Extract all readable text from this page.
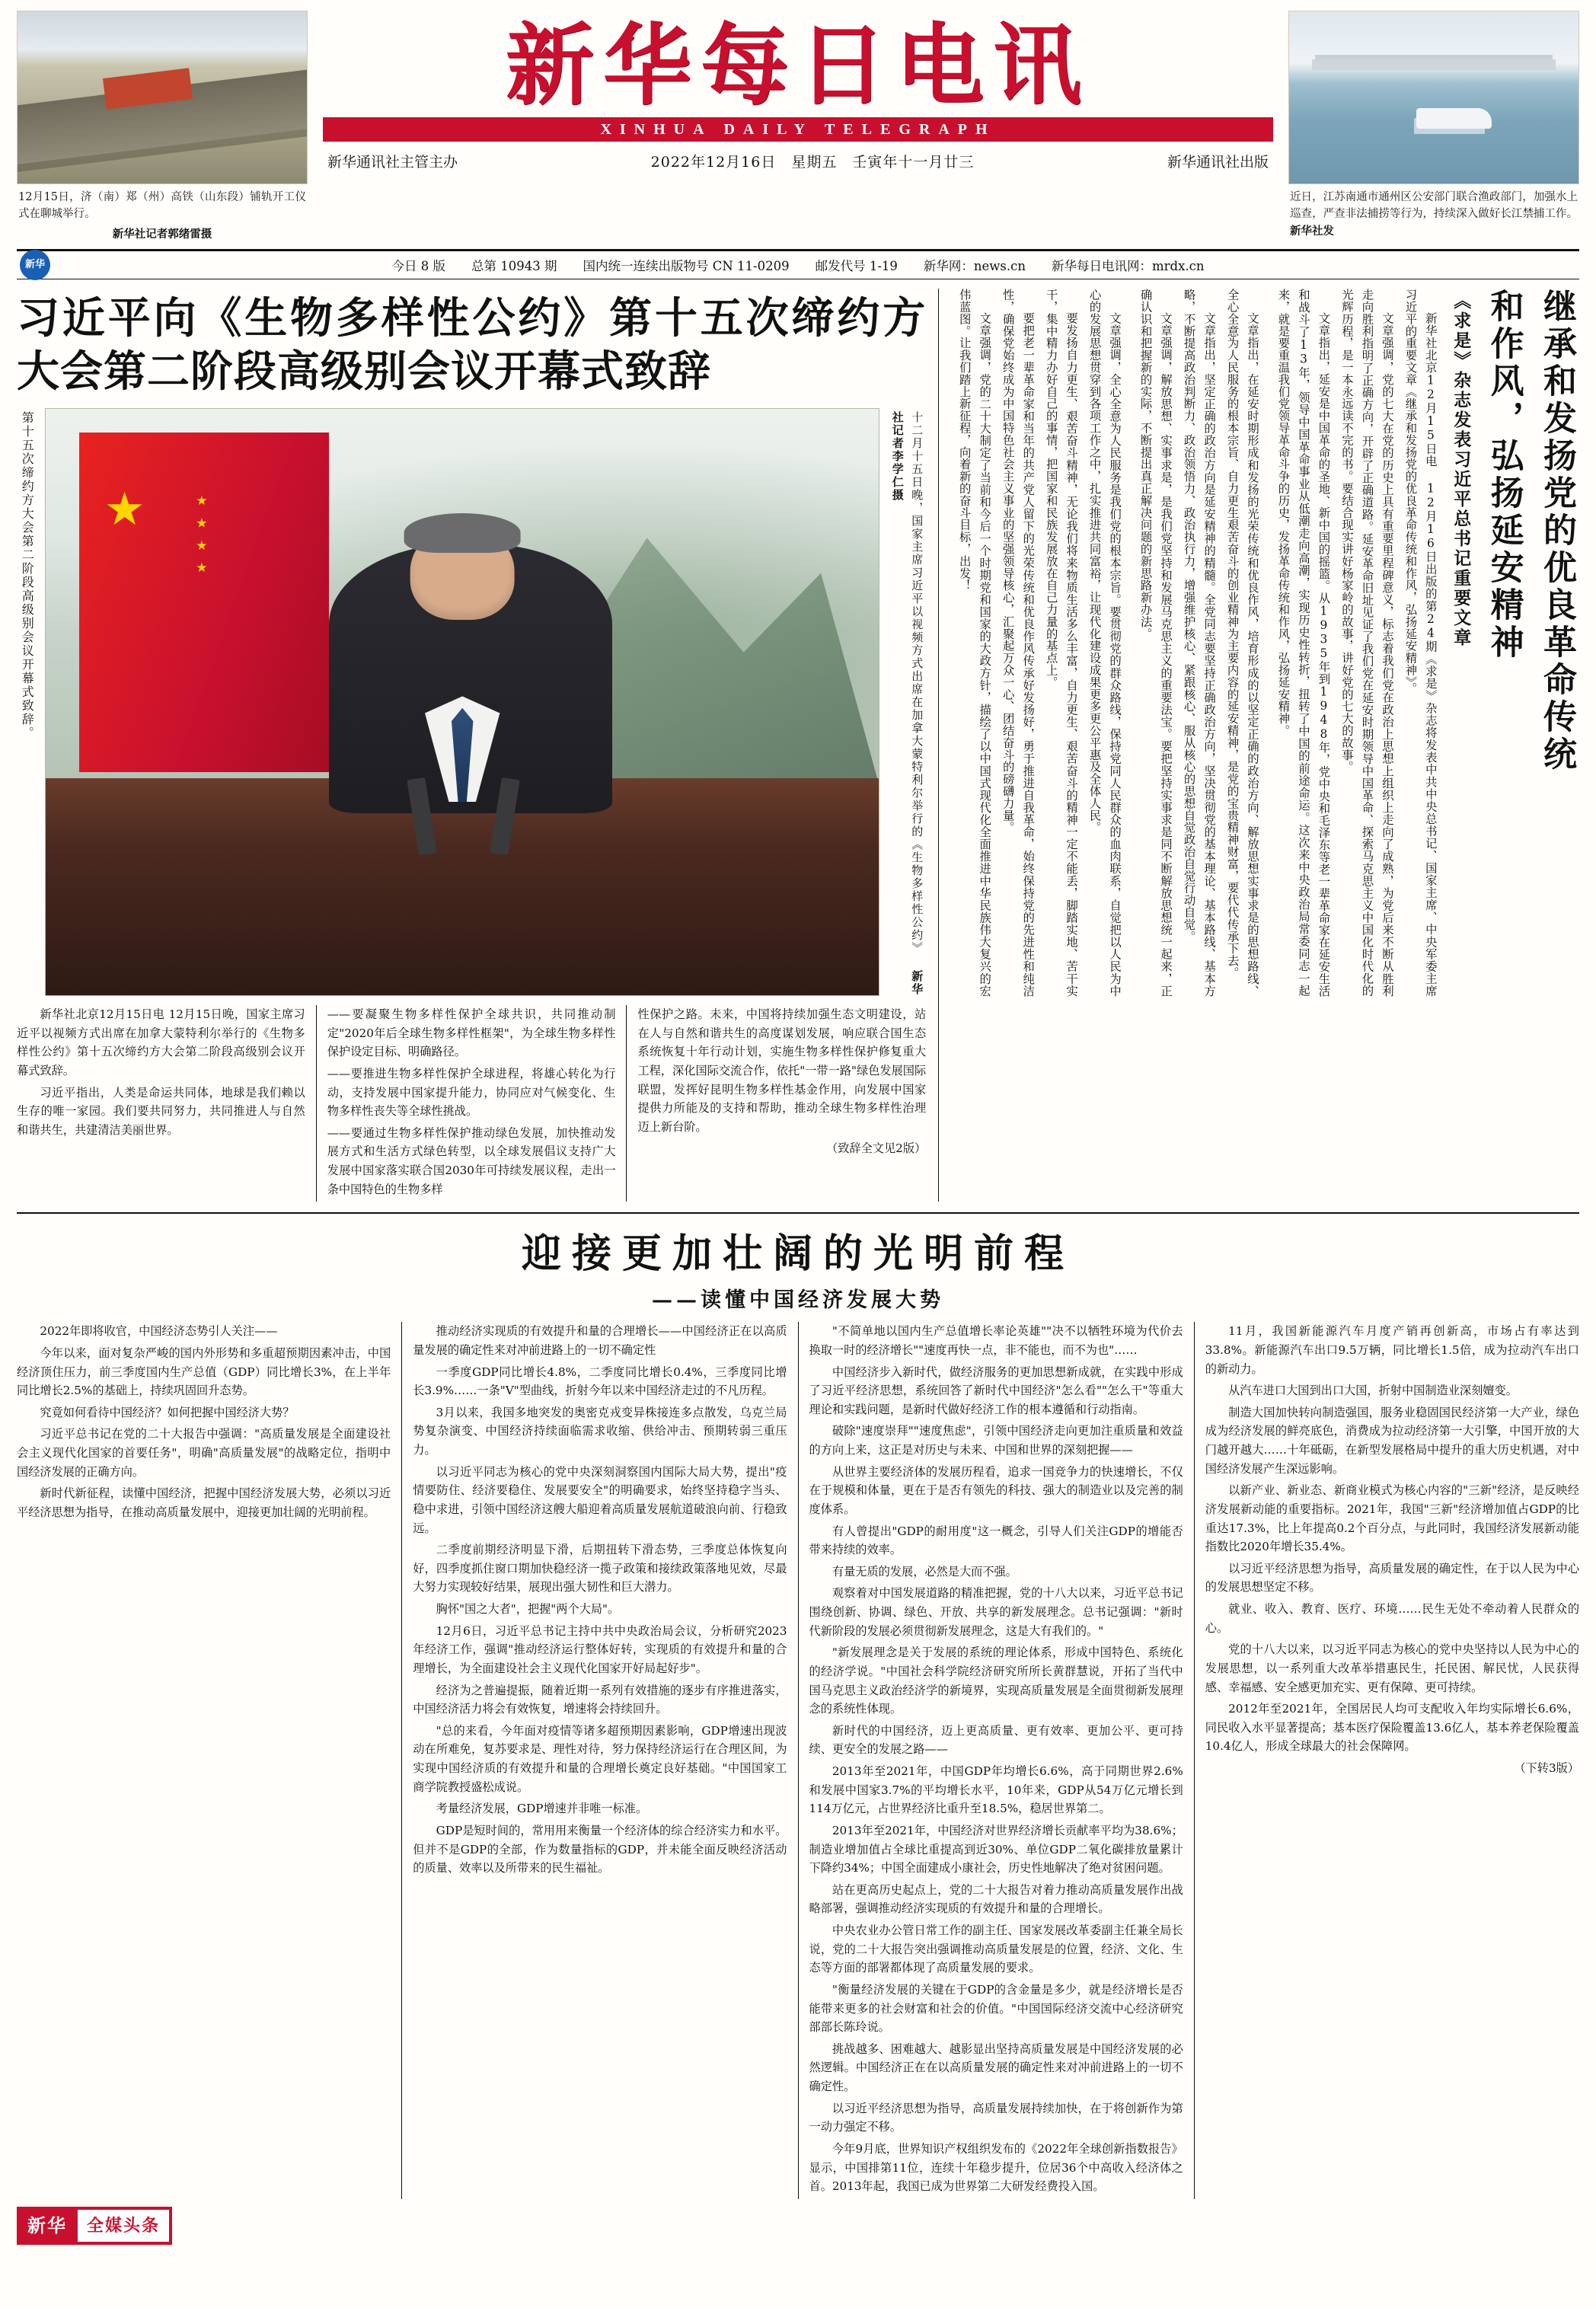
12月15日，济（南）郑（州）高铁（山东段）铺轨开工仪式在聊城举行。
新华社记者郭绪雷摄
新华每日电讯
XINHUA DAILY TELEGRAPH
新华通讯社主管主办	2022年12月16日　星期五　壬寅年十一月廿三	新华通讯社出版
近日，江苏南通市通州区公安部门联合渔政部门，加强水上巡查，严查非法捕捞等行为，持续深入做好长江禁捕工作。 新华社发
新华	今日 8 版 总第 10943 期 国内统一连续出版物号 CN 11-0209 邮发代号 1-19 新华网：news.cn 新华每日电讯网：mrdx.cn
习近平向《生物多样性公约》第十五次缔约方大会第二阶段高级别会议开幕式致辞
第十五次缔约方大会第二阶段高级别会议开幕式致辞。 ★ ★ ★ ★ ★	十二月十五日晚，国家主席习近平以视频方式出席在加拿大蒙特利尔举行的《生物多样性公约》 新华社记者李学仁摄

新华社北京12月15日电 12月15日晚，国家主席习近平以视频方式出席在加拿大蒙特利尔举行的《生物多样性公约》第十五次缔约方大会第二阶段高级别会议开幕式致辞。

习近平指出，人类是命运共同体，地球是我们赖以生存的唯一家园。我们要共同努力，共同推进人与自然和谐共生，共建清洁美丽世界。

——要凝聚生物多样性保护全球共识，共同推动制定"2020年后全球生物多样性框架"，为全球生物多样性保护设定目标、明确路径。

——要推进生物多样性保护全球进程，将雄心转化为行动，支持发展中国家提升能力，协同应对气候变化、生物多样性丧失等全球性挑战。

——要通过生物多样性保护推动绿色发展，加快推动发展方式和生活方式绿色转型，以全球发展倡议支持广大发展中国家落实联合国2030年可持续发展议程，走出一条中国特色的生物多样

性保护之路。未来，中国将持续加强生态文明建设，站在人与自然和谐共生的高度谋划发展，响应联合国生态系统恢复十年行动计划，实施生物多样性保护修复重大工程，深化国际交流合作，依托"一带一路"绿色发展国际联盟，发挥好昆明生物多样性基金作用，向发展中国家提供力所能及的支持和帮助，推动全球生物多样性治理迈上新台阶。

（致辞全文见2版）

继承和发扬党的优良革命传统
和作风，弘扬延安精神
《求是》杂志发表习近平总书记重要文章

新华社北京12月15日电 12月16日出版的第24期《求是》杂志将发表中共中央总书记、国家主席、中央军委主席习近平的重要文章《继承和发扬党的优良革命传统和作风，弘扬延安精神》。

文章强调，党的七大在党的历史上具有重要里程碑意义，标志着我们党在政治上思想上组织上走向了成熟，为党后来不断从胜利走向胜利指明了正确方向，开辟了正确道路。延安革命旧址见证了我们党在延安时期领导中国革命、探索马克思主义中国化时代化的光辉历程，是一本永远读不完的书。要结合现实讲好杨家岭的故事，讲好党的七大的故事。

文章指出，延安是中国革命的圣地、新中国的摇篮。从1935年到1948年，党中央和毛泽东等老一辈革命家在延安生活和战斗了13年，领导中国革命事业从低潮走向高潮，实现历史性转折，扭转了中国的前途命运。这次来中央政治局常委同志一起来，就是要重温我们党领导革命斗争的历史，发扬革命传统和作风，弘扬延安精神。

文章指出，在延安时期形成和发扬的光荣传统和优良作风，培育形成的以坚定正确的政治方向、解放思想实事求是的思想路线、全心全意为人民服务的根本宗旨、自力更生艰苦奋斗的创业精神为主要内容的延安精神，是党的宝贵精神财富，要代代传承下去。

文章指出，坚定正确的政治方向是延安精神的精髓。全党同志要坚持正确政治方向，坚决贯彻党的基本理论、基本路线、基本方略，不断提高政治判断力、政治领悟力、政治执行力，增强维护核心、紧跟核心、服从核心的思想自觉政治自觉行动自觉。

文章强调，解放思想、实事求是，是我们党坚持和发展马克思主义的重要法宝。要把坚持实事求是同不断解放思想统一起来，正确认识和把握新的实际，不断提出真正解决问题的新思路新办法。

文章强调，全心全意为人民服务是我们党的根本宗旨。要贯彻党的群众路线，保持党同人民群众的血肉联系，自觉把以人民为中心的发展思想贯穿到各项工作之中，扎实推进共同富裕，让现代化建设成果更多更公平惠及全体人民。

要发扬自力更生、艰苦奋斗精神，无论我们将来物质生活多么丰富，自力更生、艰苦奋斗的精神一定不能丢，脚踏实地、苦干实干，集中精力办好自己的事情，把国家和民族发展放在自己力量的基点上。

要把老一辈革命家和当年的共产党人留下的光荣传统和优良作风传承好发扬好，勇于推进自我革命，始终保持党的先进性和纯洁性，确保党始终成为中国特色社会主义事业的坚强领导核心，汇聚起万众一心、团结奋斗的磅礴力量。

文章强调，党的二十大制定了当前和今后一个时期党和国家的大政方针，描绘了以中国式现代化全面推进中华民族伟大复兴的宏伟蓝图。让我们踏上新征程，向着新的奋斗目标，出发！

迎接更加壮阔的光明前程
——读懂中国经济发展大势

2022年即将收官，中国经济态势引人关注——

今年以来，面对复杂严峻的国内外形势和多重超预期因素冲击，中国经济顶住压力，前三季度国内生产总值（GDP）同比增长3%，在上半年同比增长2.5%的基础上，持续巩固回升态势。

究竟如何看待中国经济？如何把握中国经济大势？

习近平总书记在党的二十大报告中强调："高质量发展是全面建设社会主义现代化国家的首要任务"，明确"高质量发展"的战略定位，指明中国经济发展的正确方向。

新时代新征程，读懂中国经济，把握中国经济发展大势，必须以习近平经济思想为指导，在推动高质量发展中，迎接更加壮阔的光明前程。

推动经济实现质的有效提升和量的合理增长——中国经济正在以高质量发展的确定性来对冲前进路上的一切不确定性

一季度GDP同比增长4.8%，二季度同比增长0.4%，三季度同比增长3.9%……一条"V"型曲线，折射今年以来中国经济走过的不凡历程。

3月以来，我国多地突发的奥密克戎变异株接连多点散发，乌克兰局势复杂演变、中国经济持续面临需求收缩、供给冲击、预期转弱三重压力。

以习近平同志为核心的党中央深刻洞察国内国际大局大势，提出"疫情要防住、经济要稳住、发展要安全"的明确要求，始终坚持稳字当头、稳中求进，引领中国经济这艘大船迎着高质量发展航道破浪向前、行稳致远。

二季度前期经济明显下滑，后期扭转下滑态势，三季度总体恢复向好，四季度抓住窗口期加快稳经济一揽子政策和接续政策落地见效，尽最大努力实现较好结果，展现出强大韧性和巨大潜力。

胸怀"国之大者"，把握"两个大局"。

12月6日，习近平总书记主持中共中央政治局会议，分析研究2023年经济工作，强调"推动经济运行整体好转，实现质的有效提升和量的合理增长，为全面建设社会主义现代化国家开好局起好步"。

经济为之普遍提振，随着近期一系列有效措施的逐步有序推进落实，中国经济活力将会有效恢复，增速将会持续回升。

"总的来看，今年面对疫情等诸多超预期因素影响，GDP增速出现波动在所难免，复苏要求是、理性对待，努力保持经济运行在合理区间，为实现中国经济质的有效提升和量的合理增长奠定良好基础。"中国国家工商学院教授盛松成说。

考量经济发展，GDP增速并非唯一标准。

GDP是短时间的，常用用来衡量一个经济体的综合经济实力和水平。但并不是GDP的全部，作为数量指标的GDP，并未能全面反映经济活动的质量、效率以及所带来的民生福祉。

"不简单地以国内生产总值增长率论英雄""决不以牺牲环境为代价去换取一时的经济增长""速度再快一点，非不能也，而不为也"……

中国经济步入新时代，做经济服务的更加思想新成就，在实践中形成了习近平经济思想，系统回答了新时代中国经济"怎么看""怎么干"等重大理论和实践问题，是新时代做好经济工作的根本遵循和行动指南。

破除"速度崇拜""速度焦虑"，引领中国经济走向更加注重质量和效益的方向上来，这正是对历史与未来、中国和世界的深刻把握——

从世界主要经济体的发展历程看，追求一国竞争力的快速增长，不仅在于规模和体量，更在于是否有领先的科技、强大的制造业以及完善的制度体系。

有人曾提出"GDP的耐用度"这一概念，引导人们关注GDP的增能否带来持续的效率。

有量无质的发展，必然是大而不强。

观察着对中国发展道路的精准把握，党的十八大以来，习近平总书记围绕创新、协调、绿色、开放、共享的新发展理念。总书记强调："新时代新阶段的发展必须贯彻新发展理念，这是大有我们的。"

"新发展理念是关于发展的系统的理论体系，形成中国特色、系统化的经济学说。"中国社会科学院经济研究所所长黄群慧说，开拓了当代中国马克思主义政治经济学的新境界，实现高质量发展是全面贯彻新发展理念的系统性体现。

新时代的中国经济，迈上更高质量、更有效率、更加公平、更可持续、更安全的发展之路——

2013年至2021年，中国GDP年均增长6.6%，高于同期世界2.6%和发展中国家3.7%的平均增长水平，10年来，GDP从54万亿元增长到114万亿元，占世界经济比重升至18.5%，稳居世界第二。

2013年至2021年，中国经济对世界经济增长贡献率平均为38.6%；制造业增加值占全球比重提高到近30%、单位GDP二氧化碳排放量累计下降约34%；中国全面建成小康社会，历史性地解决了绝对贫困问题。

站在更高历史起点上，党的二十大报告对着力推动高质量发展作出战略部署，强调推动经济实现质的有效提升和量的合理增长。

中央农业办公管日常工作的副主任、国家发展改革委副主任兼全局长说，党的二十大报告突出强调推动高质量发展是的位置，经济、文化、生态等方面的部署都体现了高质量发展的要求。

"衡量经济发展的关键在于GDP的含金量是多少，就是经济增长是否能带来更多的社会财富和社会的价值。"中国国际经济交流中心经济研究部部长陈玲说。

挑战越多、困难越大、越影显出坚持高质量发展是中国经济发展的必然逻辑。中国经济正在在以高质量发展的确定性来对冲前进路上的一切不确定性。

以习近平经济思想为指导，高质量发展持续加快，在于将创新作为第一动力强定不移。

今年9月底，世界知识产权组织发布的《2022年全球创新指数报告》显示，中国排第11位，连续十年稳步提升，位居36个中高收入经济体之首。2013年起，我国已成为世界第二大研发经费投入国。

11月，我国新能源汽车月度产销再创新高，市场占有率达到33.8%。新能源汽车出口9.5万辆，同比增长1.5倍，成为拉动汽车出口的新动力。

从汽车进口大国到出口大国，折射中国制造业深刻嬗变。

制造大国加快转向制造强国，服务业稳固国民经济第一大产业，绿色成为经济发展的鲜亮底色，消费成为拉动经济第一大引擎，中国开放的大门越开越大……十年砥砺，在新型发展格局中提升的重大历史机遇，对中国经济发展产生深远影响。

以新产业、新业态、新商业模式为核心内容的"三新"经济，是反映经济发展新动能的重要指标。2021年，我国"三新"经济增加值占GDP的比重达17.3%，比上年提高0.2个百分点，与此同时，我国经济发展新动能指数比2020年增长35.4%。

以习近平经济思想为指导，高质量发展的确定性，在于以人民为中心的发展思想坚定不移。

就业、收入、教育、医疗、环境……民生无处不牵动着人民群众的心。

党的十八大以来，以习近平同志为核心的党中央坚持以人民为中心的发展思想，以一系列重大改革举措惠民生，托民困、解民忧，人民获得感、幸福感、安全感更加充实、更有保障、更可持续。

2012年至2021年，全国居民人均可支配收入年均实际增长6.6%，同民收入水平显著提高；基本医疗保险覆盖13.6亿人，基本养老保险覆盖10.4亿人，形成全球最大的社会保障网。

（下转3版）

新华	全媒头条
